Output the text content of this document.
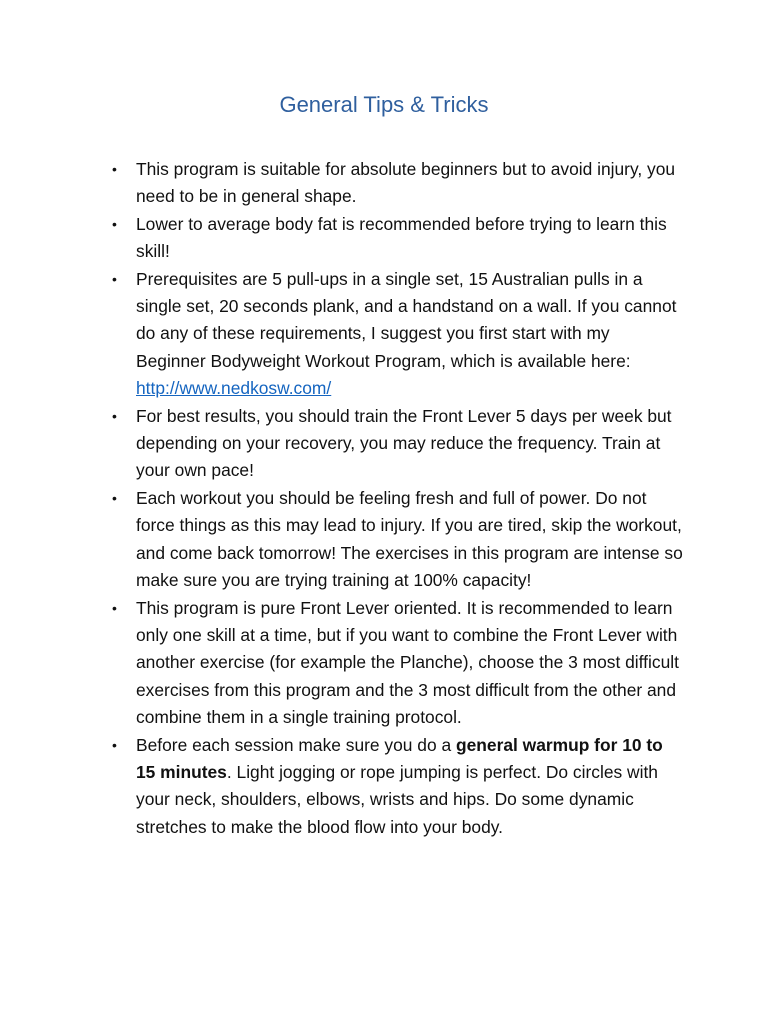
General Tips & Tricks
• This program is suitable for absolute beginners but to avoid injury, you need to be in general shape.
• Lower to average body fat is recommended before trying to learn this skill!
• Prerequisites are 5 pull-ups in a single set, 15 Australian pulls in a single set, 20 seconds plank, and a handstand on a wall. If you cannot do any of these requirements, I suggest you first start with my Beginner Bodyweight Workout Program, which is available here: http://www.nedkosw.com/
• For best results, you should train the Front Lever 5 days per week but depending on your recovery, you may reduce the frequency. Train at your own pace!
• Each workout you should be feeling fresh and full of power. Do not force things as this may lead to injury. If you are tired, skip the workout, and come back tomorrow! The exercises in this program are intense so make sure you are trying training at 100% capacity!
• This program is pure Front Lever oriented. It is recommended to learn only one skill at a time, but if you want to combine the Front Lever with another exercise (for example the Planche), choose the 3 most difficult exercises from this program and the 3 most difficult from the other and combine them in a single training protocol.
• Before each session make sure you do a general warmup for 10 to 15 minutes. Light jogging or rope jumping is perfect. Do circles with your neck, shoulders, elbows, wrists and hips. Do some dynamic stretches to make the blood flow into your body.
